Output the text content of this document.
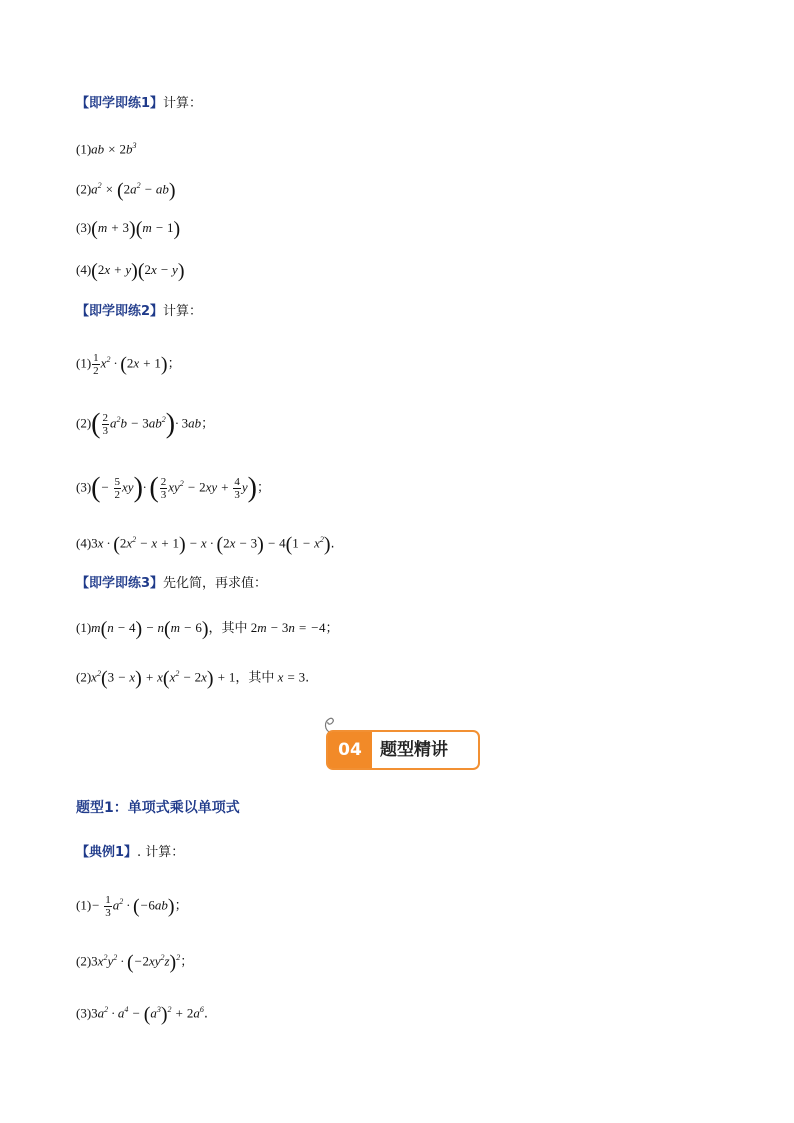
【即学即练1】计算：
$(1)ab \times 2b^3$
$(2)a^2 \times (2a^2 - ab)$
(3)(m + 3)(m − 1)
(4)(2x + y)(2x − y)
【即学即练2】计算：
$(1) \frac{1}{2} x^2 \cdot (2x + 1)$；
$(2)( \frac{2}{3} a^2b - 3ab^2)\cdot 3ab$；
$(3)(- \frac{5}{2} xy)\cdot$ ( $\frac{2}{3} xy^2 - 2xy + \frac{4}{3} y$)；
$(4)3x \cdot (2x^2 - x + 1) - x \cdot (2x - 3) - 4(1 - x^2)$.
【即学即练3】先化简，再求值：
(1)m(n − 4) − n(m − 6)，其中 2m − 3n = −4；
$(2)x^2(3 - x) + x(x^2 - 2x) + 1$，其中 x = 3.
04	题型精讲
题型1：单项式乘以单项式
【典例1】. 计算：
$(1)- \frac{1}{3} a^2 \cdot (-6ab)$；
$(2)3x^2y^2 \cdot (-2xy^2z)^2$；
$(3)3a^2 \cdot a^4 - (a^3)^2 + 2a^6$.
